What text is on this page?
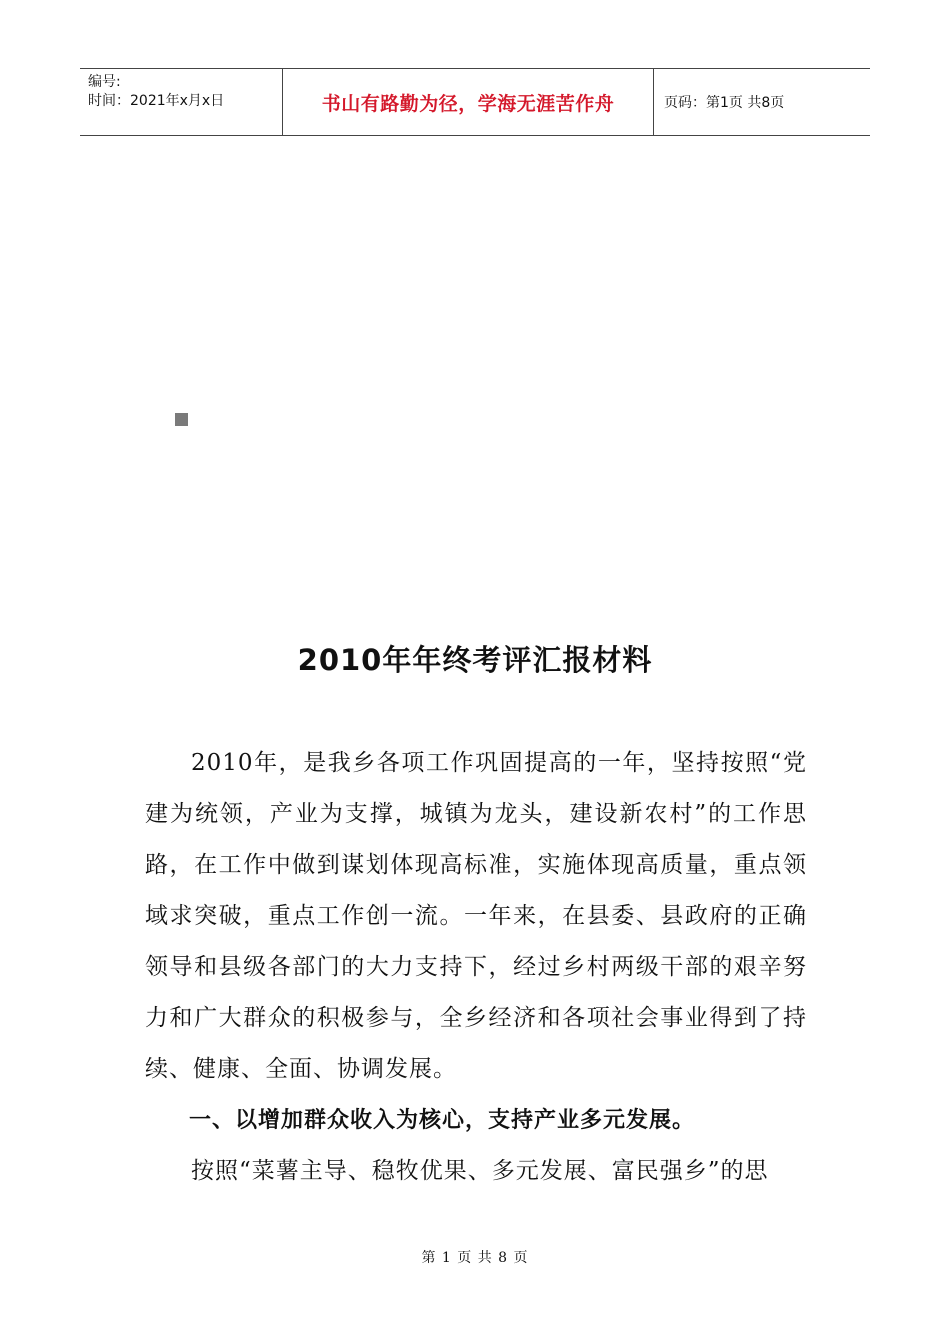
编号:
时间：2021年x月x日	书山有路勤为径，学海无涯苦作舟	页码：第1页 共8页
2010年年终考评汇报材料

2010年，是我乡各项工作巩固提高的一年，坚持按照“党建为统领，产业为支撑，城镇为龙头，建设新农村”的工作思路，在工作中做到谋划体现高标准，实施体现高质量，重点领域求突破，重点工作创一流。一年来，在县委、县政府的正确领导和县级各部门的大力支持下，经过乡村两级干部的艰辛努力和广大群众的积极参与，全乡经济和各项社会事业得到了持续、健康、全面、协调发展。

一、以增加群众收入为核心，支持产业多元发展。

按照“菜薯主导、稳牧优果、多元发展、富民强乡”的思

第 1 页 共 8 页
